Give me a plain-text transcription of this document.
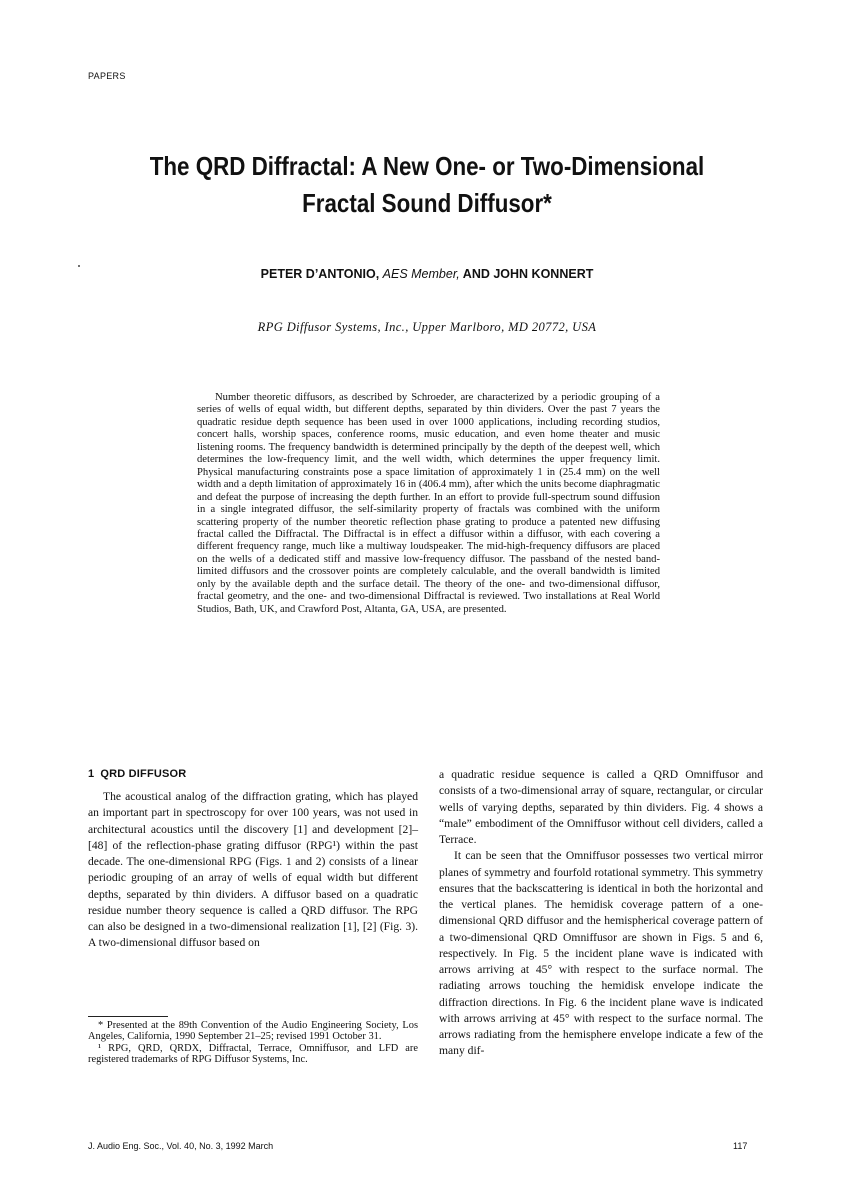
PAPERS
The QRD Diffractal: A New One- or Two-Dimensional
Fractal Sound Diffusor*
PETER D’ANTONIO, AES Member, AND JOHN KONNERT
RPG Diffusor Systems, Inc., Upper Marlboro, MD 20772, USA

Number theoretic diffusors, as described by Schroeder, are characterized by a periodic grouping of a series of wells of equal width, but different depths, separated by thin dividers. Over the past 7 years the quadratic residue depth sequence has been used in over 1000 applications, including recording studios, concert halls, worship spaces, conference rooms, music education, and even home theater and music listening rooms. The frequency bandwidth is determined principally by the depth of the deepest well, which determines the low-frequency limit, and the well width, which determines the upper frequency limit. Physical manufacturing constraints pose a space limitation of approximately 1 in (25.4 mm) on the well width and a depth limitation of approximately 16 in (406.4 mm), after which the units become diaphragmatic and defeat the purpose of increasing the depth further. In an effort to provide full-spectrum sound diffusion in a single integrated diffusor, the self-similarity property of fractals was combined with the uniform scattering property of the number theoretic reflection phase grating to produce a patented new diffusing fractal called the Diffractal. The Diffractal is in effect a diffusor within a diffusor, with each covering a different frequency range, much like a multiway loudspeaker. The mid-high-frequency diffusors are placed on the wells of a dedicated stiff and massive low-frequency diffusor. The passband of the nested band-limited diffusors and the crossover points are completely calculable, and the overall bandwidth is limited only by the available depth and the surface detail. The theory of the one- and two-dimensional diffusor, fractal geometry, and the one- and two-dimensional Diffractal is reviewed. Two installations at Real World Studios, Bath, UK, and Crawford Post, Altanta, GA, USA, are presented.

1 QRD DIFFUSOR

The acoustical analog of the diffraction grating, which has played an important part in spectroscopy for over 100 years, was not used in architectural acoustics until the discovery [1] and development [2]–[48] of the reflection-phase grating diffusor (RPG¹) within the past decade. The one-dimensional RPG (Figs. 1 and 2) consists of a linear periodic grouping of an array of wells of equal width but different depths, separated by thin dividers. A diffusor based on a quadratic residue number theory sequence is called a QRD diffusor. The RPG can also be designed in a two-dimensional realization [1], [2] (Fig. 3). A two-dimensional diffusor based on

a quadratic residue sequence is called a QRD Omniffusor and consists of a two-dimensional array of square, rectangular, or circular wells of varying depths, separated by thin dividers. Fig. 4 shows a “male” embodiment of the Omniffusor without cell dividers, called a Terrace.

It can be seen that the Omniffusor possesses two vertical mirror planes of symmetry and fourfold rotational symmetry. This symmetry ensures that the backscattering is identical in both the horizontal and the vertical planes. The hemidisk coverage pattern of a one-dimensional QRD diffusor and the hemispherical coverage pattern of a two-dimensional QRD Omniffusor are shown in Figs. 5 and 6, respectively. In Fig. 5 the incident plane wave is indicated with arrows arriving at 45° with respect to the surface normal. The radiating arrows touching the hemidisk envelope indicate the diffraction directions. In Fig. 6 the incident plane wave is indicated with arrows arriving at 45° with respect to the surface normal. The arrows radiating from the hemisphere envelope indicate a few of the many dif-

* Presented at the 89th Convention of the Audio Engineering Society, Los Angeles, California, 1990 September 21–25; revised 1991 October 31.

¹ RPG, QRD, QRDX, Diffractal, Terrace, Omniffusor, and LFD are registered trademarks of RPG Diffusor Systems, Inc.

J. Audio Eng. Soc., Vol. 40, No. 3, 1992 March	117
